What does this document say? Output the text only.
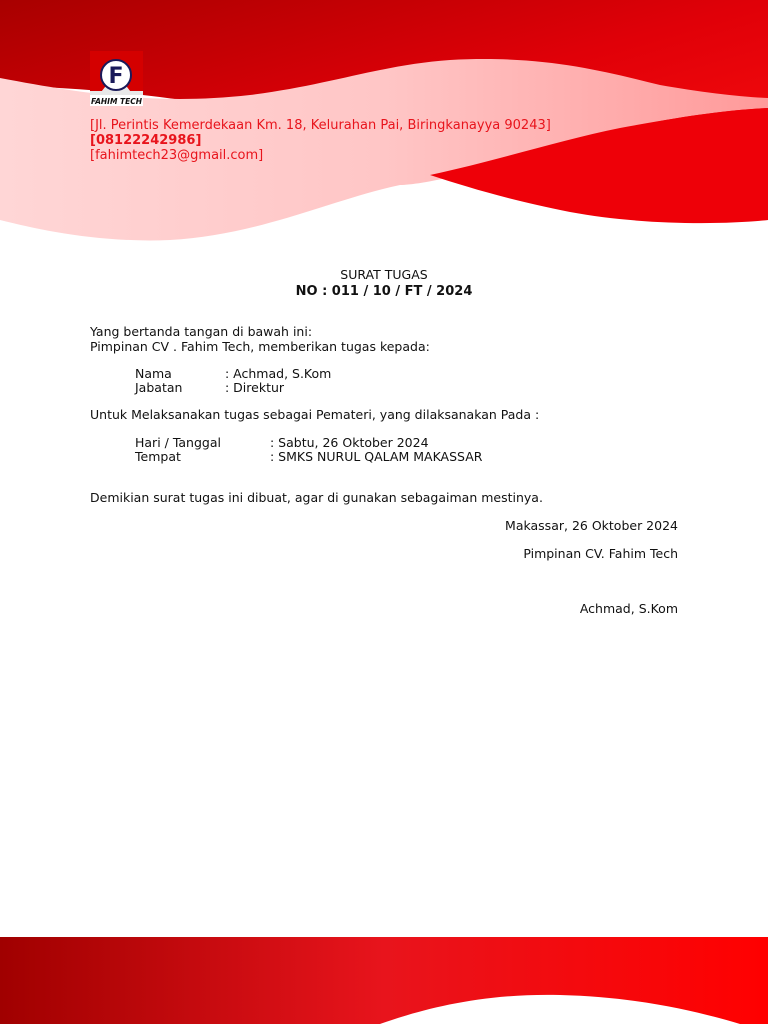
F
FAHIM TECH
[Jl. Perintis Kemerdekaan Km. 18, Kelurahan Pai, Biringkanayya 90243]
[08122242986]
[fahimtech23@gmail.com]
SURAT TUGAS
NO : 011 / 10 / FT / 2024
Yang bertanda tangan di bawah ini:
Pimpinan CV . Fahim Tech, memberikan tugas kepada:
Nama	: Achmad, S.Kom
Jabatan	: Direktur
Untuk Melaksanakan tugas sebagai Pemateri, yang dilaksanakan Pada :
Hari / Tanggal	: Sabtu, 26 Oktober 2024
Tempat	: SMKS NURUL QALAM MAKASSAR
Demikian surat tugas ini dibuat, agar di gunakan sebagaiman mestinya.
Makassar, 26 Oktober 2024
Pimpinan CV. Fahim Tech
Achmad, S.Kom
